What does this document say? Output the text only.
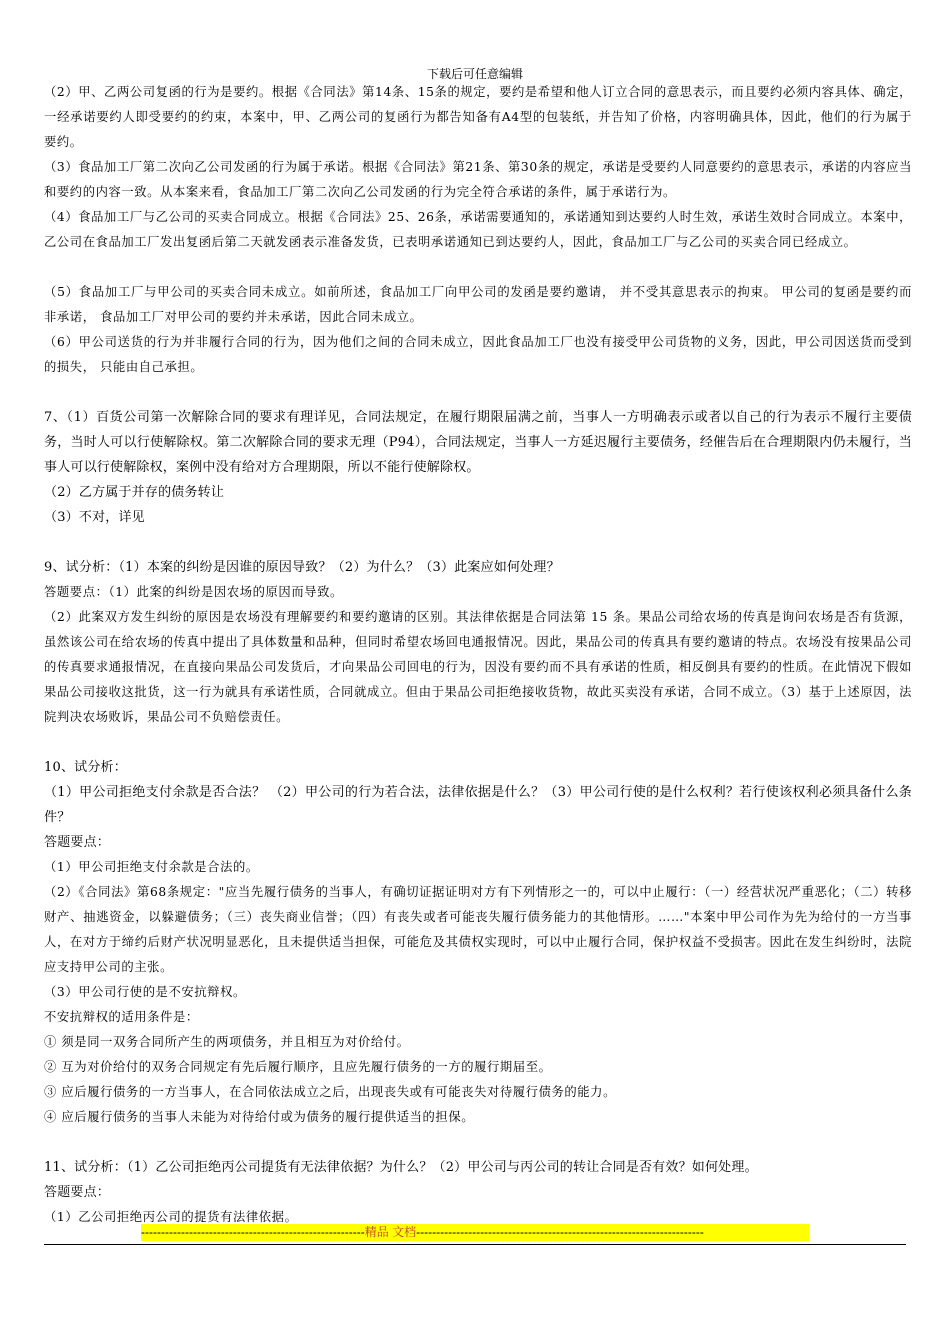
下载后可任意编辑
（2）甲、乙两公司复函的行为是要约。根据《合同法》第14条、15条的规定，要约是希望和他人订立合同的意思表示，而且要约必须内容具体、确定，一经承诺要约人即受要约的约束，本案中，甲、乙两公司的复函行为都告知备有A4型的包装纸，并告知了价格，内容明确具体，因此，他们的行为属于要约。
（3）食品加工厂第二次向乙公司发函的行为属于承诺。根据《合同法》第21条、第30条的规定，承诺是受要约人同意要约的意思表示，承诺的内容应当和要约的内容一致。从本案来看，食品加工厂第二次向乙公司发函的行为完全符合承诺的条件，属于承诺行为。
（4）食品加工厂与乙公司的买卖合同成立。根据《合同法》25、26条，承诺需要通知的，承诺通知到达要约人时生效，承诺生效时合同成立。本案中，乙公司在食品加工厂发出复函后第二天就发函表示准备发货，已表明承诺通知已到达要约人，因此，食品加工厂与乙公司的买卖合同已经成立。
（5）食品加工厂与甲公司的买卖合同未成立。如前所述，食品加工厂向甲公司的发函是要约邀请， 并不受其意思表示的拘束。 甲公司的复函是要约而非承诺， 食品加工厂对甲公司的要约并未承诺，因此合同未成立。
（6）甲公司送货的行为并非履行合同的行为，因为他们之间的合同未成立，因此食品加工厂也没有接受甲公司货物的义务，因此，甲公司因送货而受到的损失， 只能由自己承担。
7、（1）百货公司第一次解除合同的要求有理详见，合同法规定，在履行期限届满之前，当事人一方明确表示或者以自己的行为表示不履行主要债务，当时人可以行使解除权。第二次解除合同的要求无理（P94），合同法规定，当事人一方延迟履行主要债务，经催告后在合理期限内仍未履行，当事人可以行使解除权，案例中没有给对方合理期限，所以不能行使解除权。
（2）乙方属于并存的债务转让
（3）不对，详见
9、试分析：（1）本案的纠纷是因谁的原因导致？（2）为什么？（3）此案应如何处理？
答题要点：（1）此案的纠纷是因农场的原因而导致。
（2）此案双方发生纠纷的原因是农场没有理解要约和要约邀请的区别。其法律依据是合同法第 15 条。果品公司给农场的传真是询问农场是否有货源，虽然该公司在给农场的传真中提出了具体数量和品种，但同时希望农场回电通报情况。因此，果品公司的传真具有要约邀请的特点。农场没有按果品公司的传真要求通报情况，在直接向果品公司发货后，才向果品公司回电的行为，因没有要约而不具有承诺的性质，相反倒具有要约的性质。在此情况下假如果品公司接收这批货，这一行为就具有承诺性质，合同就成立。但由于果品公司拒绝接收货物，故此买卖没有承诺，合同不成立。（3）基于上述原因，法院判决农场败诉，果品公司不负赔偿责任。
10、试分析：
（1）甲公司拒绝支付余款是否合法？ （2）甲公司的行为若合法，法律依据是什么？（3）甲公司行使的是什么权利？若行使该权利必须具备什么条件？
答题要点：
（1）甲公司拒绝支付余款是合法的。
（2）《合同法》第68条规定："应当先履行债务的当事人，有确切证据证明对方有下列情形之一的，可以中止履行：（一）经营状况严重恶化；（二）转移财产、抽逃资金，以躲避债务；（三）丧失商业信誉；（四）有丧失或者可能丧失履行债务能力的其他情形。……"本案中甲公司作为先为给付的一方当事人，在对方于缔约后财产状况明显恶化，且未提供适当担保，可能危及其债权实现时，可以中止履行合同，保护权益不受损害。因此在发生纠纷时，法院应支持甲公司的主张。
（3）甲公司行使的是不安抗辩权。
不安抗辩权的适用条件是：
① 须是同一双务合同所产生的两项债务，并且相互为对价给付。
② 互为对价给付的双务合同规定有先后履行顺序，且应先履行债务的一方的履行期届至。
③ 应后履行债务的一方当事人，在合同依法成立之后，出现丧失或有可能丧失对待履行债务的能力。
④ 应后履行债务的当事人未能为对待给付或为债务的履行提供适当的担保。
11、试分析：（1）乙公司拒绝丙公司提货有无法律依据？为什么？（2）甲公司与丙公司的转让合同是否有效？如何处理。
答题要点：
（1）乙公司拒绝丙公司的提货有法律依据。
--------------------------------------------------------精品 文档------------------------------------------------------------------------
